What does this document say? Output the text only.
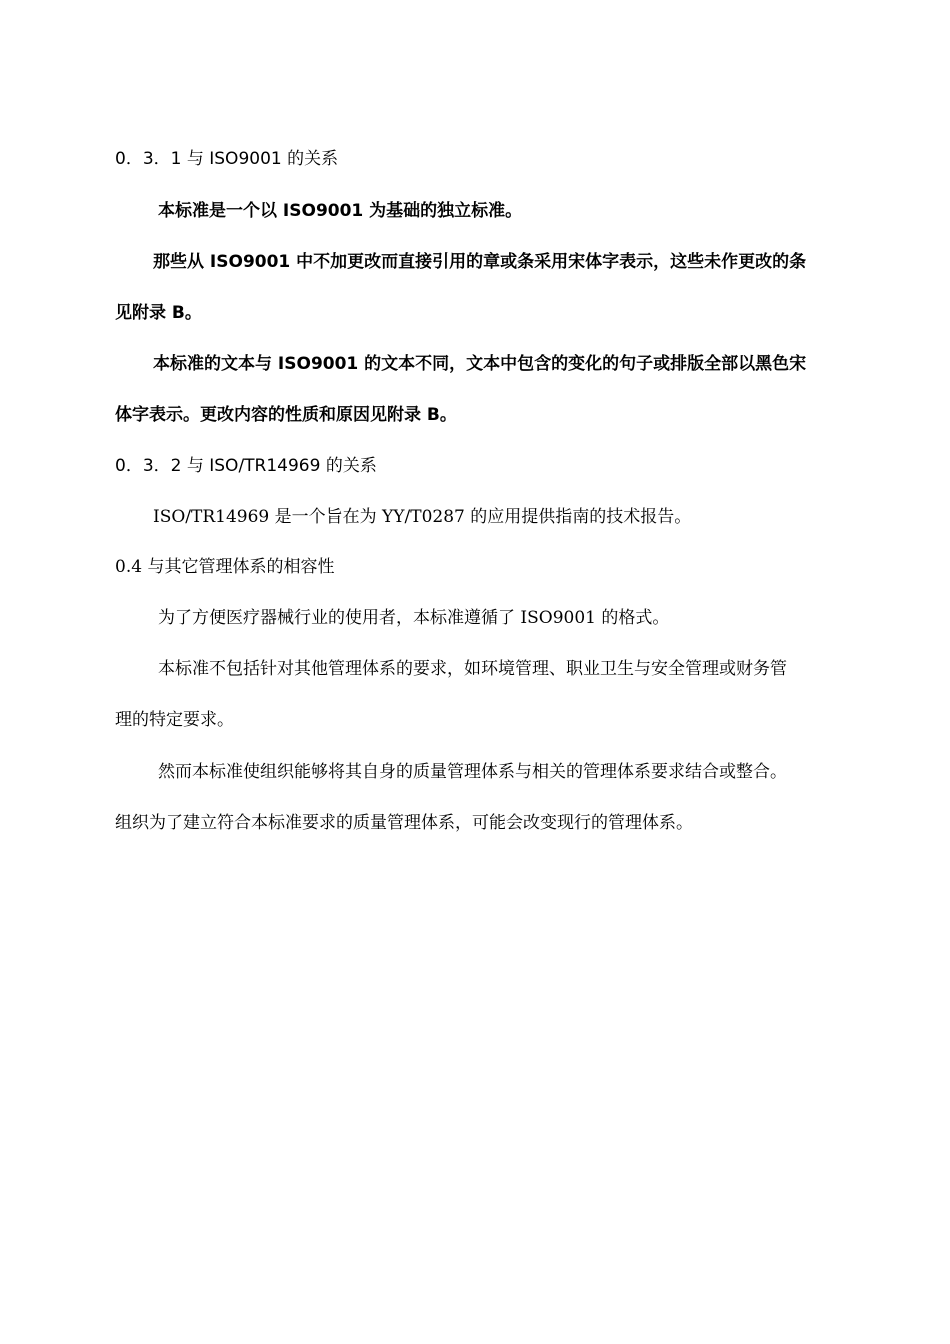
0．3．1 与 ISO9001 的关系
本标准是一个以 ISO9001 为基础的独立标准。
那些从 ISO9001 中不加更改而直接引用的章或条采用宋体字表示，这些未作更改的条
见附录 B。
本标准的文本与 ISO9001 的文本不同，文本中包含的变化的句子或排版全部以黑色宋
体字表示。更改内容的性质和原因见附录 B。
0．3．2 与 ISO/TR14969 的关系
ISO/TR14969 是一个旨在为 YY/T0287 的应用提供指南的技术报告。
0.4 与其它管理体系的相容性
为了方便医疗器械行业的使用者，本标准遵循了 ISO9001 的格式。
本标准不包括针对其他管理体系的要求，如环境管理、职业卫生与安全管理或财务管
理的特定要求。
然而本标准使组织能够将其自身的质量管理体系与相关的管理体系要求结合或整合。
组织为了建立符合本标准要求的质量管理体系，可能会改变现行的管理体系。
